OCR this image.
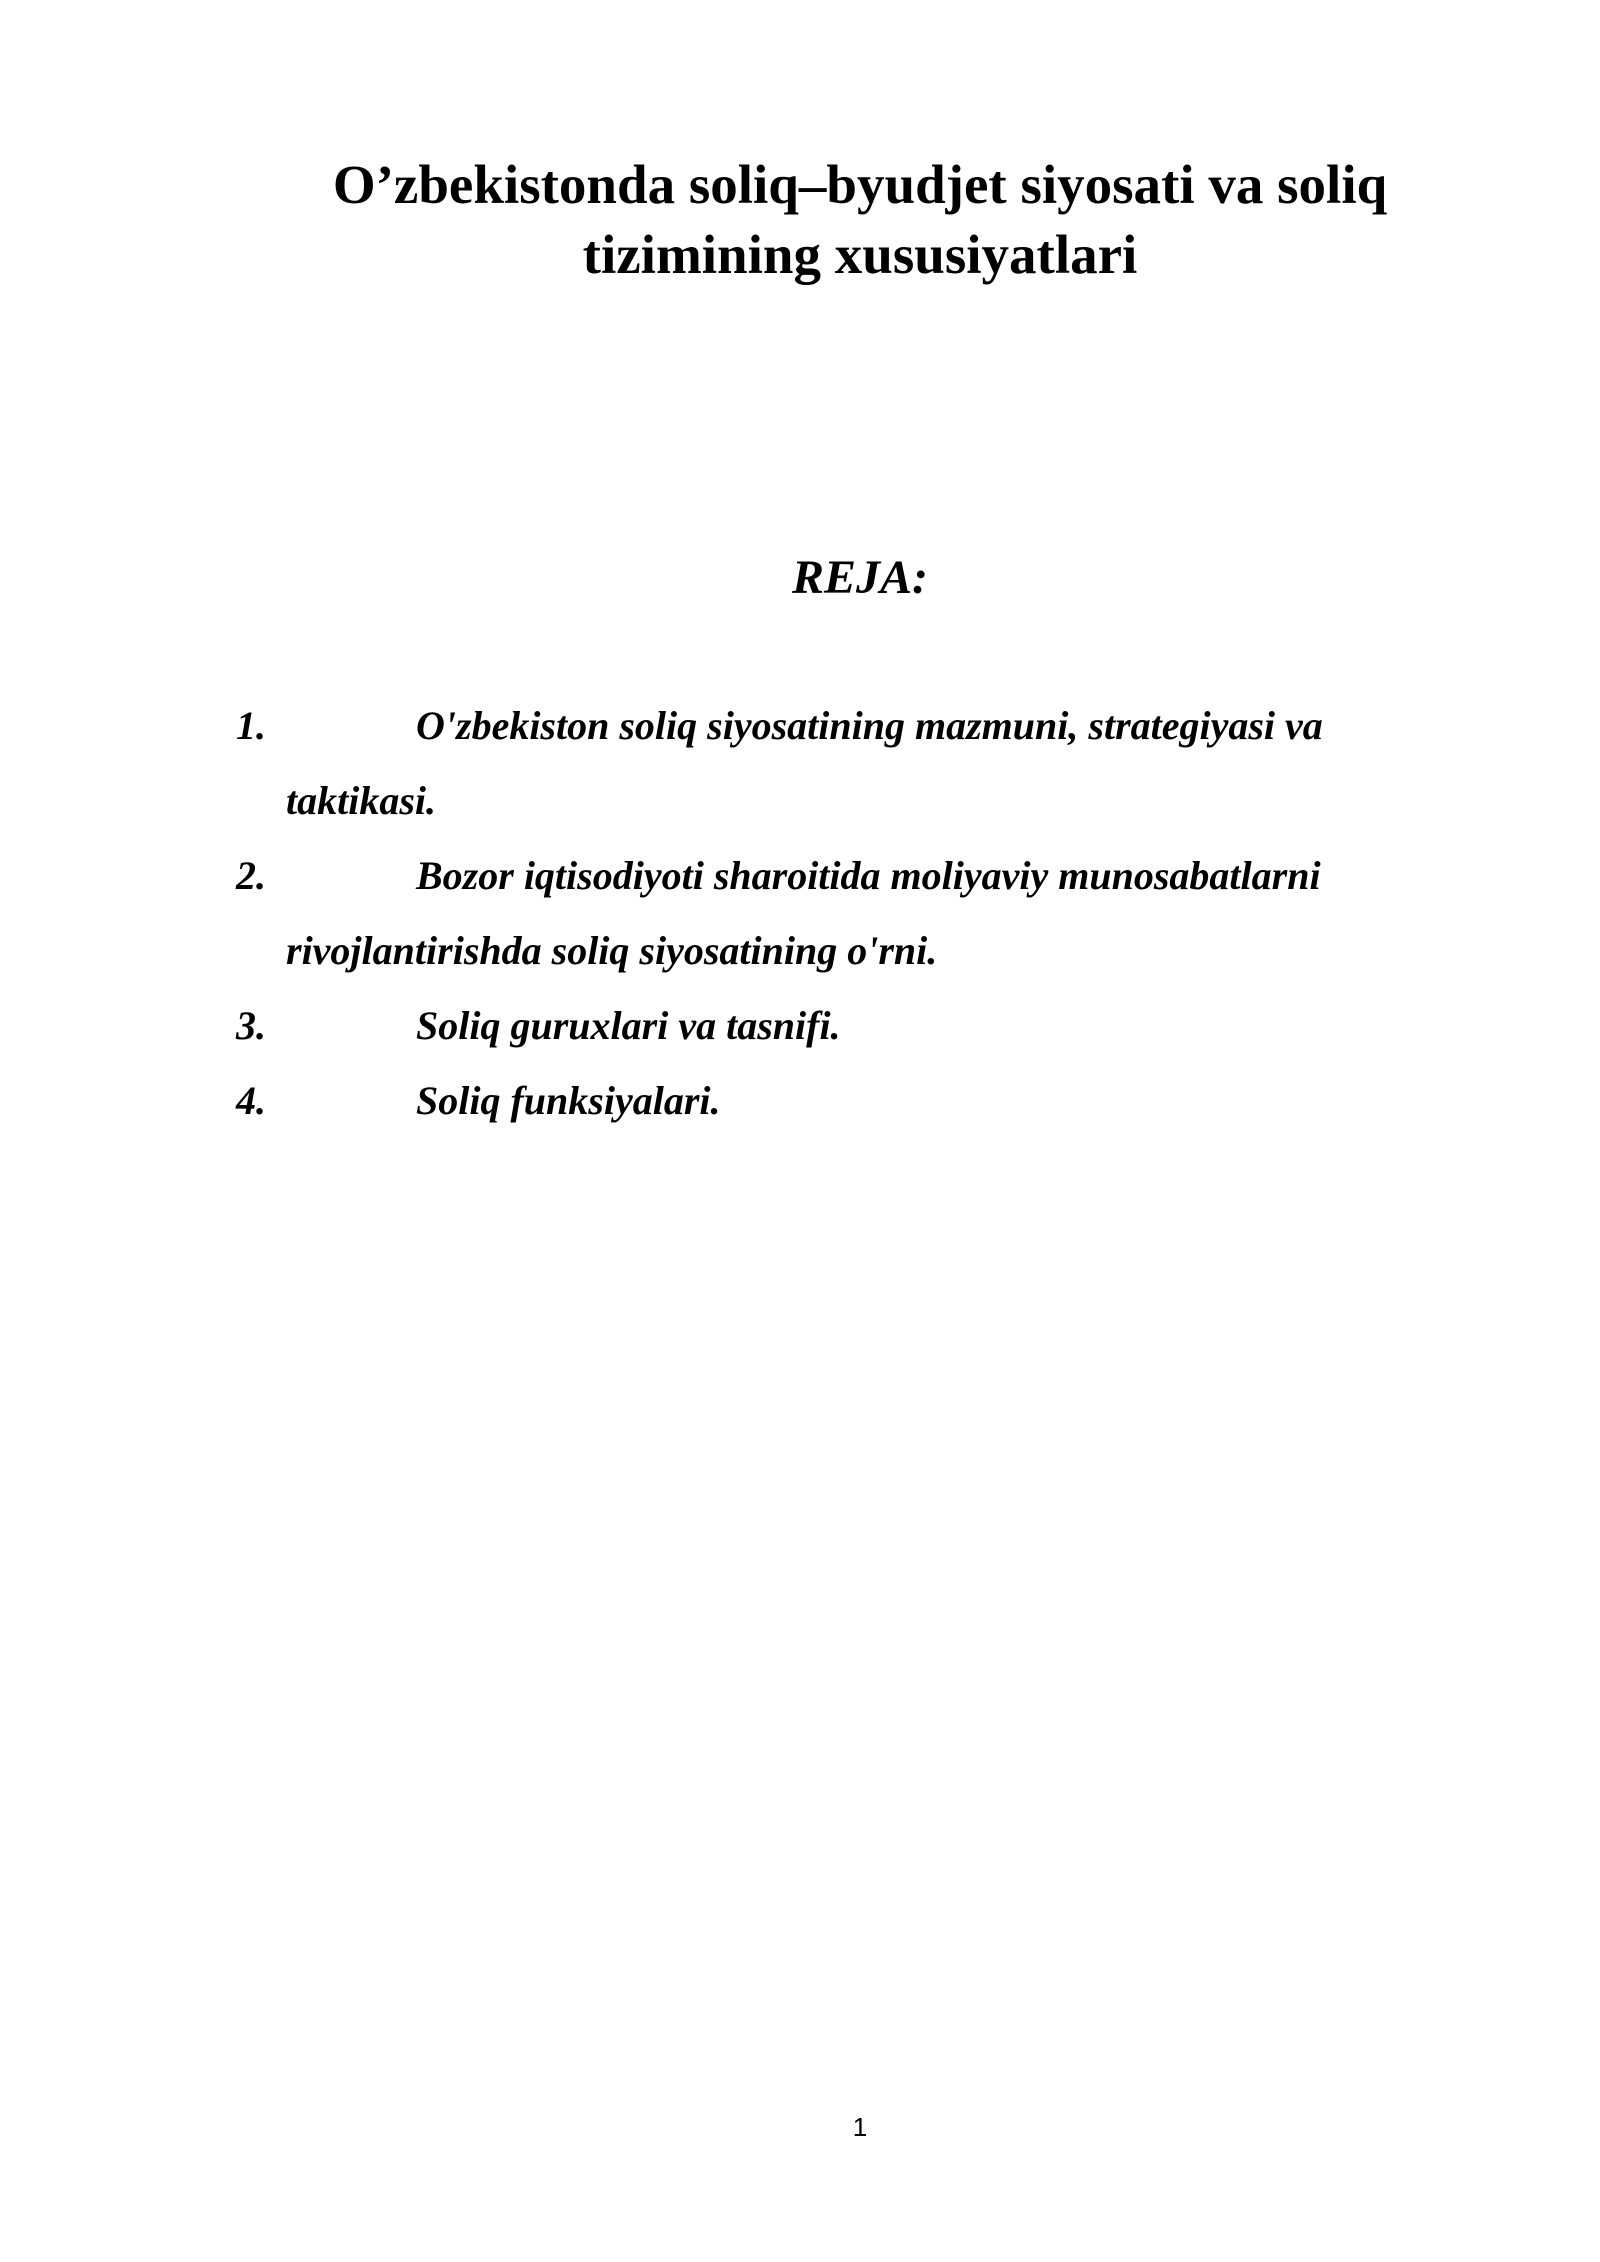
O’zbekistonda soliq–byudjet siyosati va soliq tizimining xususiyatlari
REJA:
1.	O'zbekiston soliq siyosatining mazmuni, strategiyasi va taktikasi.
2.	Bozor iqtisodiyoti sharoitida moliyaviy munosabatlarni rivojlantirishda soliq siyosatining o'rni.
3.	Soliq guruxlari va tasnifi.
4.	Soliq funksiyalari.
1
